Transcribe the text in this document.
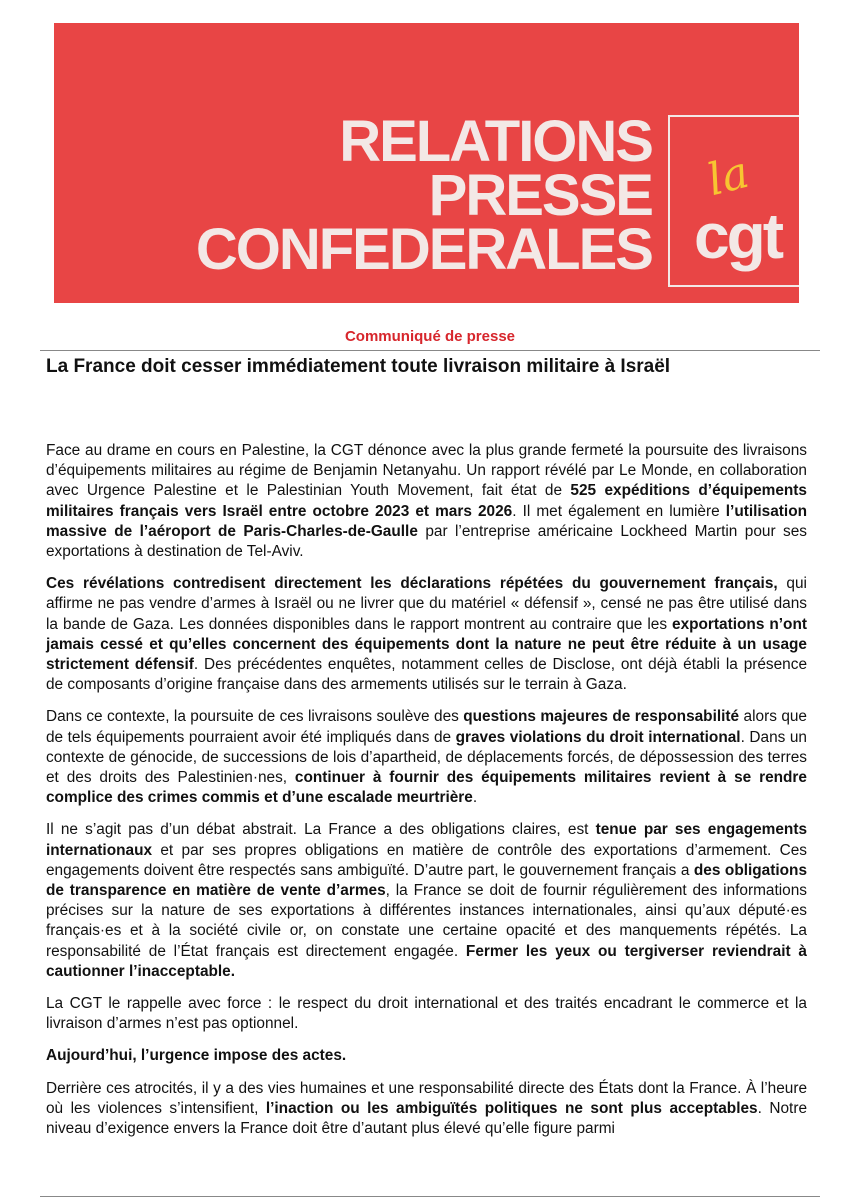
RELATIONS
PRESSE
CONFEDERALES
la
cgt
Communiqué de presse
La France doit cesser immédiatement toute livraison militaire à Israël

Face au drame en cours en Palestine, la CGT dénonce avec la plus grande fermeté la poursuite des livraisons d’équipements militaires au régime de Benjamin Netanyahu. Un rapport révélé par Le Monde, en collaboration avec Urgence Palestine et le Palestinian Youth Movement, fait état de 525 expéditions d’équipements militaires français vers Israël entre octobre 2023 et mars 2026. Il met également en lumière l’utilisation massive de l’aéroport de Paris-Charles-de-Gaulle par l’entreprise américaine Lockheed Martin pour ses exportations à destination de Tel-Aviv.

Ces révélations contredisent directement les déclarations répétées du gouvernement français, qui affirme ne pas vendre d’armes à Israël ou ne livrer que du matériel « défensif », censé ne pas être utilisé dans la bande de Gaza. Les données disponibles dans le rapport montrent au contraire que les exportations n’ont jamais cessé et qu’elles concernent des équipements dont la nature ne peut être réduite à un usage strictement défensif. Des précédentes enquêtes, notamment celles de Disclose, ont déjà établi la présence de composants d’origine française dans des armements utilisés sur le terrain à Gaza.

Dans ce contexte, la poursuite de ces livraisons soulève des questions majeures de responsabilité alors que de tels équipements pourraient avoir été impliqués dans de graves violations du droit international. Dans un contexte de génocide, de successions de lois d’apartheid, de déplacements forcés, de dépossession des terres et des droits des Palestinien·nes, continuer à fournir des équipements militaires revient à se rendre complice des crimes commis et d’une escalade meurtrière.

Il ne s’agit pas d’un débat abstrait. La France a des obligations claires, est tenue par ses engagements internationaux et par ses propres obligations en matière de contrôle des exportations d’armement. Ces engagements doivent être respectés sans ambiguïté. D’autre part, le gouvernement français a des obligations de transparence en matière de vente d’armes, la France se doit de fournir régulièrement des informations précises sur la nature de ses exportations à différentes instances internationales, ainsi qu’aux député·es français·es et à la société civile or, on constate une certaine opacité et des manquements répétés. La responsabilité de l’État français est directement engagée. Fermer les yeux ou tergiverser reviendrait à cautionner l’inacceptable.

La CGT le rappelle avec force : le respect du droit international et des traités encadrant le commerce et la livraison d’armes n’est pas optionnel.

Aujourd’hui, l’urgence impose des actes.

Derrière ces atrocités, il y a des vies humaines et une responsabilité directe des États dont la France. À l’heure où les violences s’intensifient, l’inaction ou les ambiguïtés politiques ne sont plus acceptables. Notre niveau d’exigence envers la France doit être d’autant plus élevé qu’elle figure parmi
